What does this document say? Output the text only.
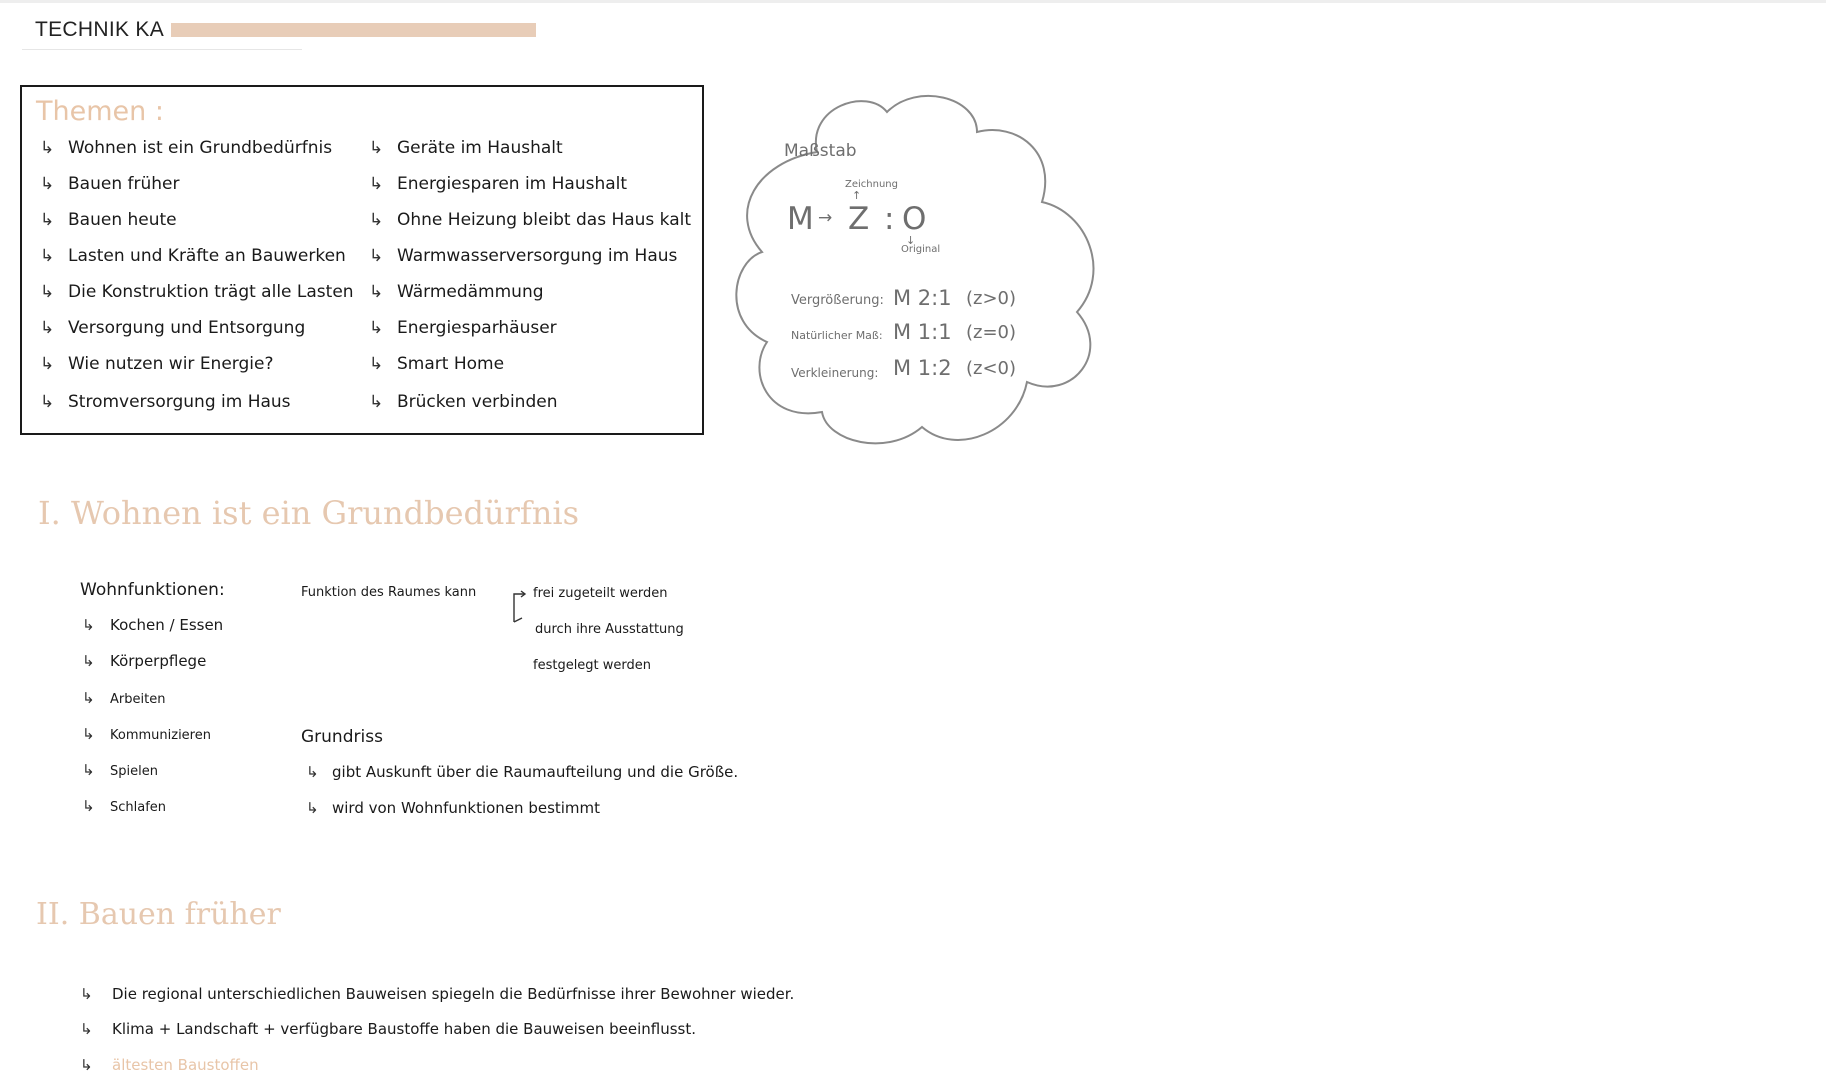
TECHNIK KA
Themen :
↳ Wohnen ist ein Grundbedürfnis
↳ Bauen früher
↳ Bauen heute
↳ Lasten und Kräfte an Bauwerken
↳ Die Konstruktion trägt alle Lasten
↳ Versorgung und Entsorgung
↳ Wie nutzen wir Energie?
↳ Stromversorgung im Haus
↳ Geräte im Haushalt
↳ Energiesparen im Haushalt
↳ Ohne Heizung bleibt das Haus kalt
↳ Warmwasserversorgung im Haus
↳ Wärmedämmung
↳ Energiesparhäuser
↳ Smart Home
↳ Brücken verbinden
Maßstab
Zeichnung
↑
M → Z : O
↓
Original
Vergrößerung: M 2:1 (z>0)
Natürlicher Maß: M 1:1 (z=0)
Verkleinerung: M 1:2 (z<0)
I. Wohnen ist ein Grundbedürfnis
Wohnfunktionen:
↳ Kochen / Essen
↳ Körperpflege
↳ Arbeiten
↳ Kommunizieren
↳ Spielen
↳ Schlafen
Funktion des Raumes kann	frei zugeteilt werden
durch ihre Ausstattung
festgelegt werden
Grundriss
↳ gibt Auskunft über die Raumaufteilung und die Größe.
↳ wird von Wohnfunktionen bestimmt
II. Bauen früher
↳ Die regional unterschiedlichen Bauweisen spiegeln die Bedürfnisse ihrer Bewohner wieder.
↳ Klima + Landschaft + verfügbare Baustoffe haben die Bauweisen beeinflusst.
↳ ältesten Baustoffen
